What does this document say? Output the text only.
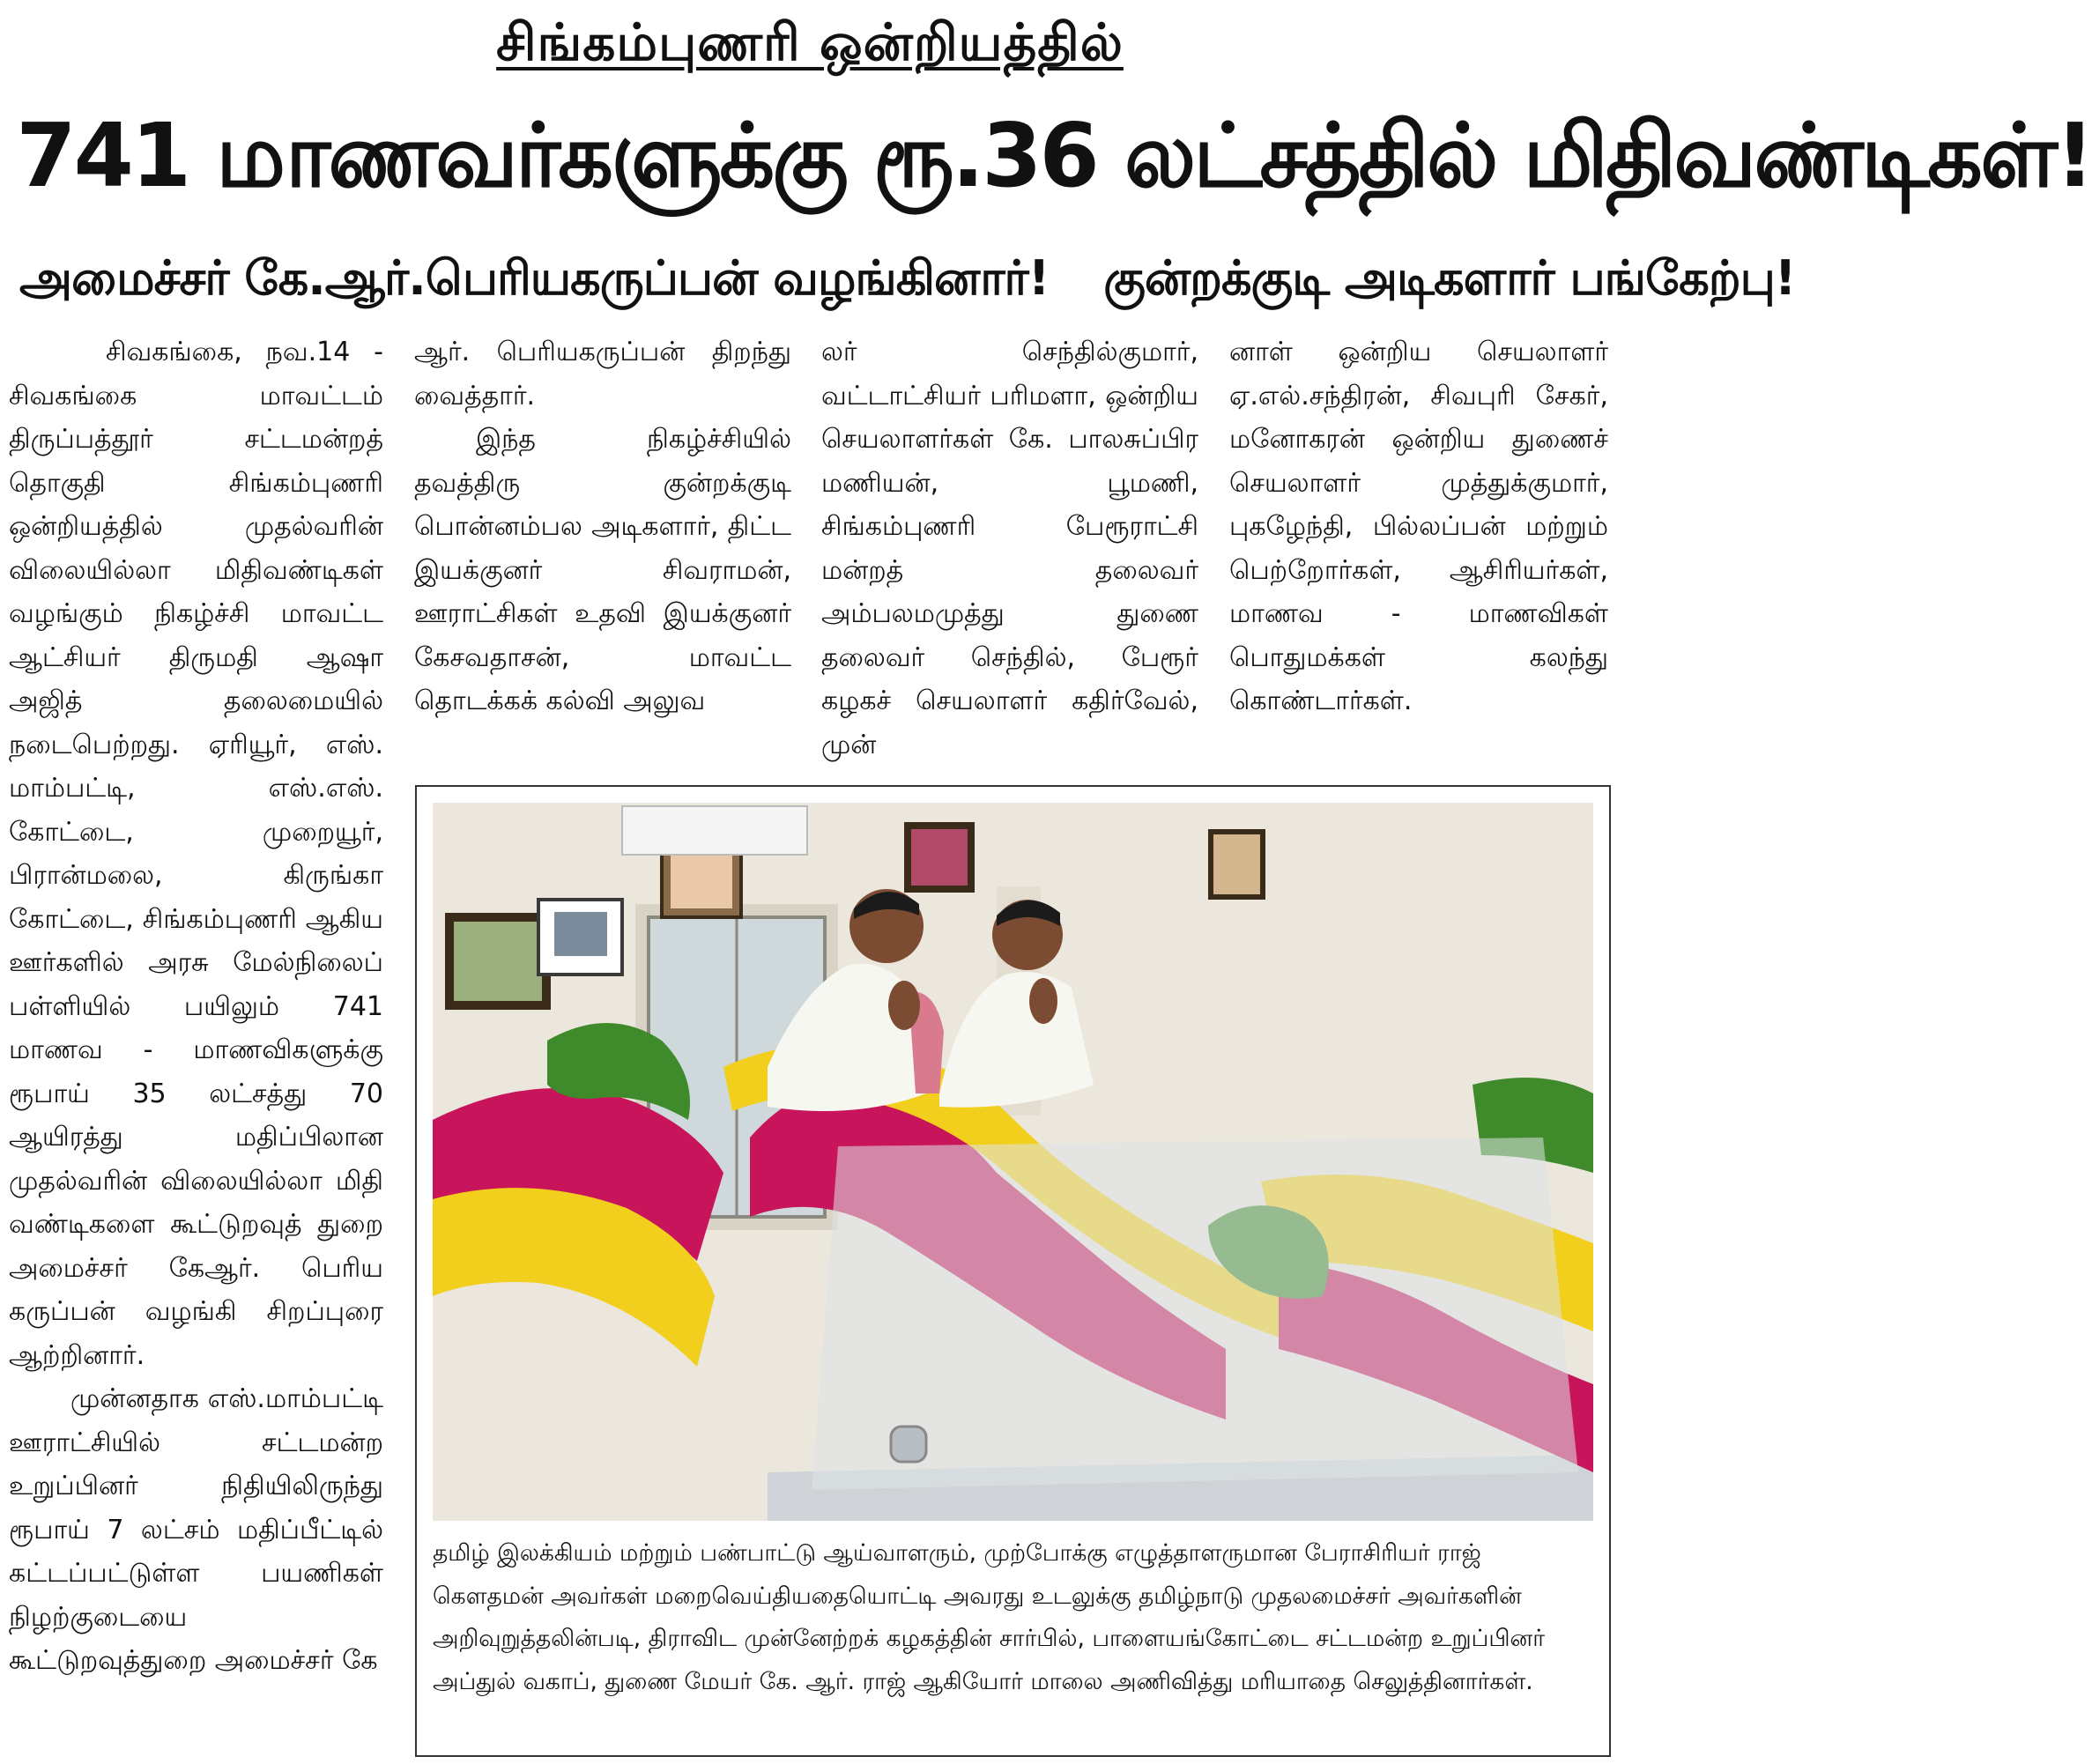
சிங்கம்புணரி ஒன்றியத்தில்
741 மாணவர்களுக்கு ரூ.36 லட்சத்தில் மிதிவண்டிகள்!
அமைச்சர் கே.ஆர்.பெரியகருப்பன் வழங்கினார்! குன்றக்குடி அடிகளார் பங்கேற்பு!

சிவகங்கை, நவ.14 - சிவகங்கை மாவட்டம் திருப்பத்தூர் சட்டமன்றத் தொகுதி சிங்கம்புணரி ஒன்றியத்தில் முதல்வரின் விலையில்லா மிதிவண்டிகள் வழங்கும் நிகழ்ச்சி மாவட்ட ஆட்சியர் திருமதி ஆஷா அஜித் தலைமையில் நடைபெற்றது. ஏரியூர், எஸ். மாம்பட்டி, எஸ்.எஸ். கோட்டை, முறையூர், பிரான்மலை, கிருங்கா கோட்டை, சிங்கம்புணரி ஆகிய ஊர்களில் அரசு மேல்நிலைப் பள்ளியில் பயிலும் 741 மாணவ - மாணவிகளுக்கு ரூபாய் 35 லட்சத்து 70 ஆயிரத்து மதிப்பிலான முதல்வரின் விலையில்லா மிதி வண்டிகளை கூட்டுறவுத் துறை அமைச்சர் கேஆர். பெரிய கருப்பன் வழங்கி சிறப்புரை ஆற்றினார்.

முன்னதாக எஸ்.மாம்பட்டி ஊராட்சியில் சட்டமன்ற உறுப்பினர் நிதியிலிருந்து ரூபாய் 7 லட்சம் மதிப்பீட்டில் கட்டப்பட்டுள்ள பயணிகள் நிழற்குடையை கூட்டுறவுத்துறை அமைச்சர் கே

ஆர். பெரியகருப்பன் திறந்து வைத்தார்.

இந்த நிகழ்ச்சியில் தவத்திரு குன்றக்குடி பொன்னம்பல அடிகளார், திட்ட இயக்குனர் சிவராமன், ஊராட்சிகள் உதவி இயக்குனர் கேசவதாசன், மாவட்ட தொடக்கக் கல்வி அலுவ

லர் செந்தில்குமார், வட்டாட்சியர் பரிமளா, ஒன்றிய செயலாளர்கள் கே. பாலசுப்பிர மணியன், பூமணி, சிங்கம்புணரி பேரூராட்சி மன்றத் தலைவர் அம்பலமமுத்து துணை தலைவர் செந்தில், பேரூர் கழகச் செயலாளர் கதிர்வேல், முன்

னாள் ஒன்றிய செயலாளர் ஏ.எல்.சந்திரன், சிவபுரி சேகர், மனோகரன் ஒன்றிய துணைச் செயலாளர் முத்துக்குமார், புகழேந்தி, பில்லப்பன் மற்றும் பெற்றோர்கள், ஆசிரியர்கள், மாணவ - மாணவிகள் பொதுமக்கள் கலந்து கொண்டார்கள்.

தமிழ் இலக்கியம் மற்றும் பண்பாட்டு ஆய்வாளரும், முற்போக்கு எழுத்தாளருமான பேராசிரியர் ராஜ் கௌதமன் அவர்கள் மறைவெய்தியதையொட்டி அவரது உடலுக்கு தமிழ்நாடு முதலமைச்சர் அவர்களின் அறிவுறுத்தலின்படி, திராவிட முன்னேற்றக் கழகத்தின் சார்பில், பாளையங்கோட்டை சட்டமன்ற உறுப்பினர் அப்துல் வகாப், துணை மேயர் கே. ஆர். ராஜ் ஆகியோர் மாலை அணிவித்து மரியாதை செலுத்தினார்கள்.
